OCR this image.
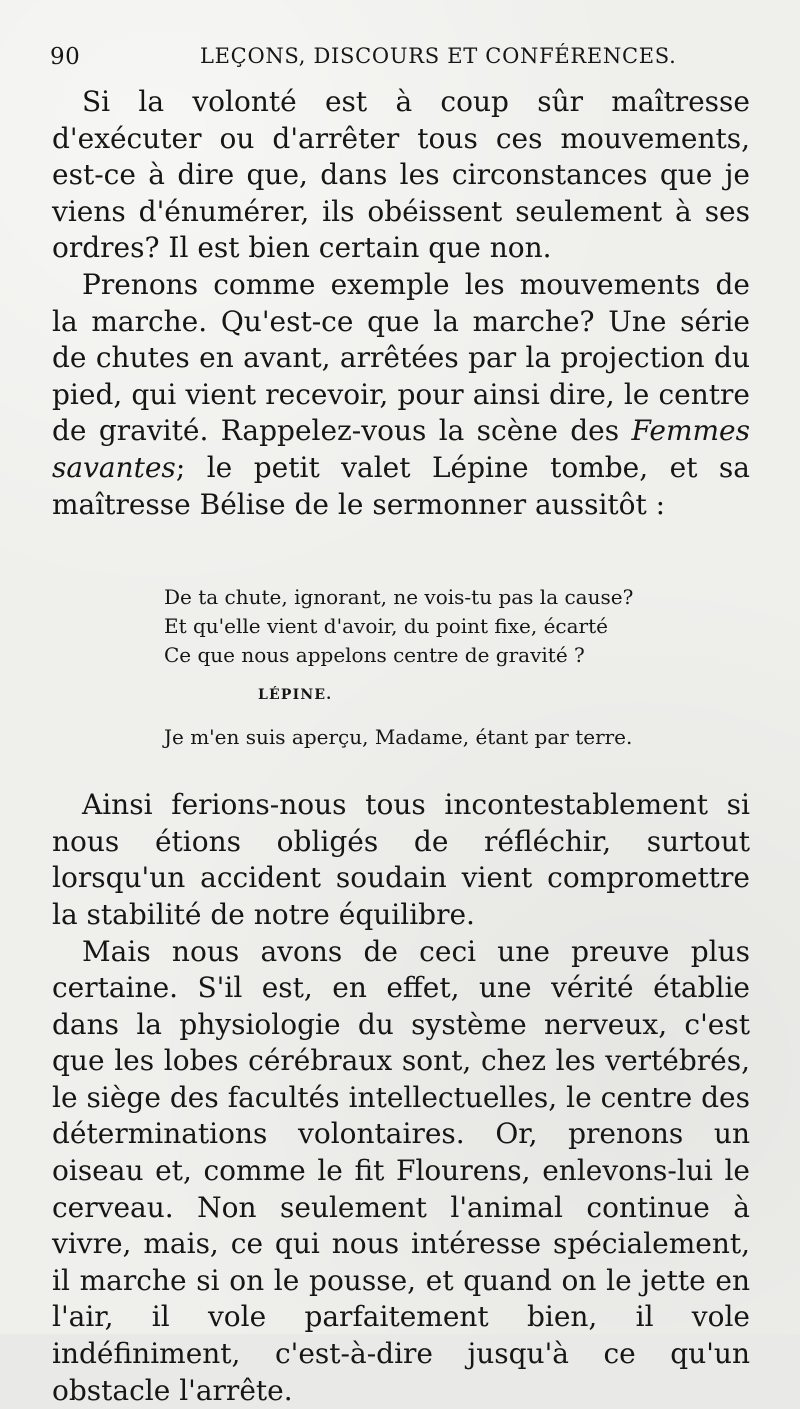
90	LEÇONS, DISCOURS ET CONFÉRENCES.

Si la volonté est à coup sûr maîtresse d'exécuter ou d'arrêter tous ces mouvements, est-ce à dire que, dans les circonstances que je viens d'énumérer, ils obéissent seulement à ses ordres? Il est bien certain que non.

Prenons comme exemple les mouvements de la marche. Qu'est-ce que la marche? Une série de chutes en avant, arrêtées par la projection du pied, qui vient recevoir, pour ainsi dire, le centre de gravité. Rappelez-vous la scène des Femmes savantes; le petit valet Lépine tombe, et sa maîtresse Bélise de le sermonner aussitôt :

De ta chute, ignorant, ne vois-tu pas la cause?
Et qu'elle vient d'avoir, du point fixe, écarté
Ce que nous appelons centre de gravité ?
LÉPINE.
Je m'en suis aperçu, Madame, étant par terre.

Ainsi ferions-nous tous incontestablement si nous étions obligés de réfléchir, surtout lorsqu'un accident soudain vient compromettre la stabilité de notre équilibre.

Mais nous avons de ceci une preuve plus certaine. S'il est, en effet, une vérité établie dans la physiologie du système nerveux, c'est que les lobes cérébraux sont, chez les vertébrés, le siège des facultés intellectuelles, le centre des déterminations volontaires. Or, prenons un oiseau et, comme le fit Flourens, enlevons-lui le cerveau. Non seulement l'animal continue à vivre, mais, ce qui nous intéresse spécialement, il marche si on le pousse, et quand on le jette en l'air, il vole parfaitement bien, il vole indéfiniment, c'est-à-dire jusqu'à ce qu'un obstacle l'arrête.
